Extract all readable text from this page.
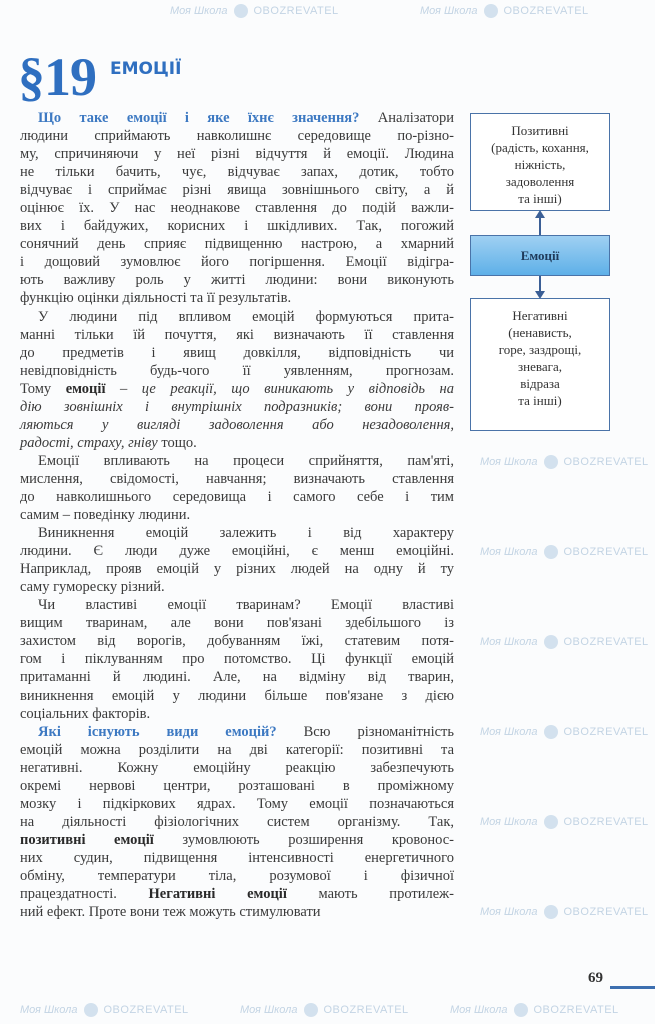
Моя Школа OBOZREVATEL	Моя Школа OBOZREVATEL
Моя Школа OBOZREVATEL
Моя Школа OBOZREVATEL
Моя Школа OBOZREVATEL
Моя Школа OBOZREVATEL
Моя Школа OBOZREVATEL
Моя Школа OBOZREVATEL
Моя Школа OBOZREVATEL	Моя Школа OBOZREVATEL	Моя Школа OBOZREVATEL
§19 ЕМОЦІЇ
Що таке емоції і яке їхнє значення? Аналізатори
людини сприймають навколишнє середовище по-різно-
му, спричиняючи у неї різні відчуття й емоції. Людина
не тільки бачить, чує, відчуває запах, дотик, тобто
відчуває і сприймає різні явища зовнішнього світу, а й
оцінює їх. У нас неоднакове ставлення до подій важли-
вих і байдужих, корисних і шкідливих. Так, погожий
сонячний день сприяє підвищенню настрою, а хмарний
і дощовий зумовлює його погіршення. Емоції відігра-
ють важливу роль у житті людини: вони виконують
функцію оцінки діяльності та її результатів.
У людини під впливом емоцій формуються прита-
манні тільки їй почуття, які визначають її ставлення
до предметів і явищ довкілля, відповідність чи
невідповідність будь-чого її уявленням, прогнозам.
Тому емоції – це реакції, що виникають у відповідь на
дію зовнішніх і внутрішніх подразників; вони прояв-
ляються у вигляді задоволення або незадоволення,
радості, страху, гніву тощо.
Емоції впливають на процеси сприйняття, пам'яті,
мислення, свідомості, навчання; визначають ставлення
до навколишнього середовища і самого себе і тим
самим – поведінку людини.
Виникнення емоцій залежить і від характеру
людини. Є люди дуже емоційні, є менш емоційні.
Наприклад, прояв емоцій у різних людей на одну й ту
саму гумореску різний.
Чи властиві емоції тваринам? Емоції властиві
вищим тваринам, але вони пов'язані здебільшого із
захистом від ворогів, добуванням їжі, статевим потя-
гом і піклуванням про потомство. Ці функції емоцій
притаманні й людині. Але, на відміну від тварин,
виникнення емоцій у людини більше пов'язане з дією
соціальних факторів.
Які існують види емоцій? Всю різноманітність
емоцій можна розділити на дві категорії: позитивні та
негативні. Кожну емоційну реакцію забезпечують
окремі нервові центри, розташовані в проміжному
мозку і підкіркових ядрах. Тому емоції позначаються
на діяльності фізіологічних систем організму. Так,
позитивні емоції зумовлюють розширення кровонос-
них судин, підвищення інтенсивності енергетичного
обміну, температури тіла, розумової і фізичної
працездатності. Негативні емоції мають протилеж-
ний ефект. Проте вони теж можуть стимулювати
Позитивні
(радість, кохання,
ніжність,
задоволення
та інші)
Емоції
Негативні
(ненависть,
горе, заздрощі,
зневага,
відраза
та інші)
69
